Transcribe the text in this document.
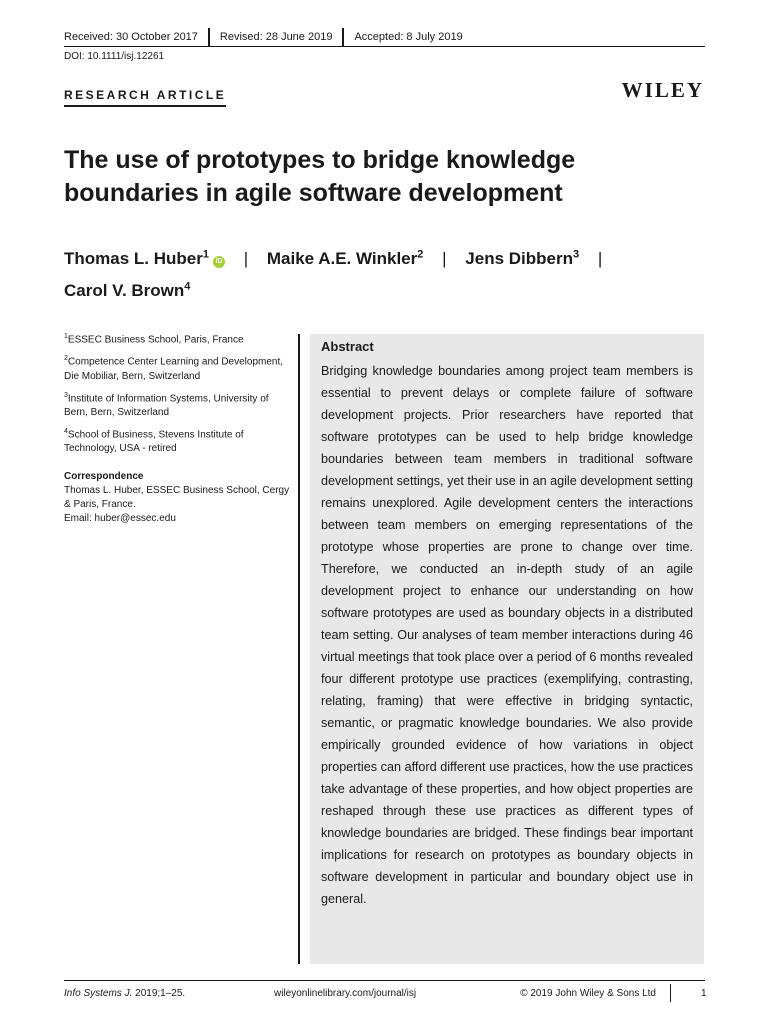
Received: 30 October 2017	Revised: 28 June 2019	Accepted: 8 July 2019
DOI: 10.1111/isj.12261
RESEARCH ARTICLE	WILEY
The use of prototypes to bridge knowledge boundaries in agile software development
Thomas L. Huber$^1$iD | Maike A.E. Winkler$^2$ | Jens Dibbern$^3$ |
Carol V. Brown$^4$

$^1$ESSEC Business School, Paris, France

$^2$Competence Center Learning and Development, Die Mobiliar, Bern, Switzerland

$^3$Institute of Information Systems, University of Bern, Bern, Switzerland

$^4$School of Business, Stevens Institute of Technology, USA - retired

Correspondence
Thomas L. Huber, ESSEC Business School, Cergy & Paris, France.
Email: huber@essec.edu

Abstract

Bridging knowledge boundaries among project team members is essential to prevent delays or complete failure of software development projects. Prior researchers have reported that software prototypes can be used to help bridge knowledge boundaries between team members in traditional software development settings, yet their use in an agile development setting remains unexplored. Agile development centers the interactions between team members on emerging representations of the prototype whose properties are prone to change over time. Therefore, we conducted an in-depth study of an agile development project to enhance our understanding on how software prototypes are used as boundary objects in a distributed team setting. Our analyses of team member interactions during 46 virtual meetings that took place over a period of 6 months revealed four different prototype use practices (exemplifying, contrasting, relating, framing) that were effective in bridging syntactic, semantic, or pragmatic knowledge boundaries. We also provide empirically grounded evidence of how variations in object properties can afford different use practices, how the use practices take advantage of these properties, and how object properties are reshaped through these use practices as different types of knowledge boundaries are bridged. These findings bear important implications for research on prototypes as boundary objects in software development in particular and boundary object use in general.

Info Systems J. 2019;1–25.	wileyonlinelibrary.com/journal/isj	© 2019 John Wiley & Sons Ltd	1
